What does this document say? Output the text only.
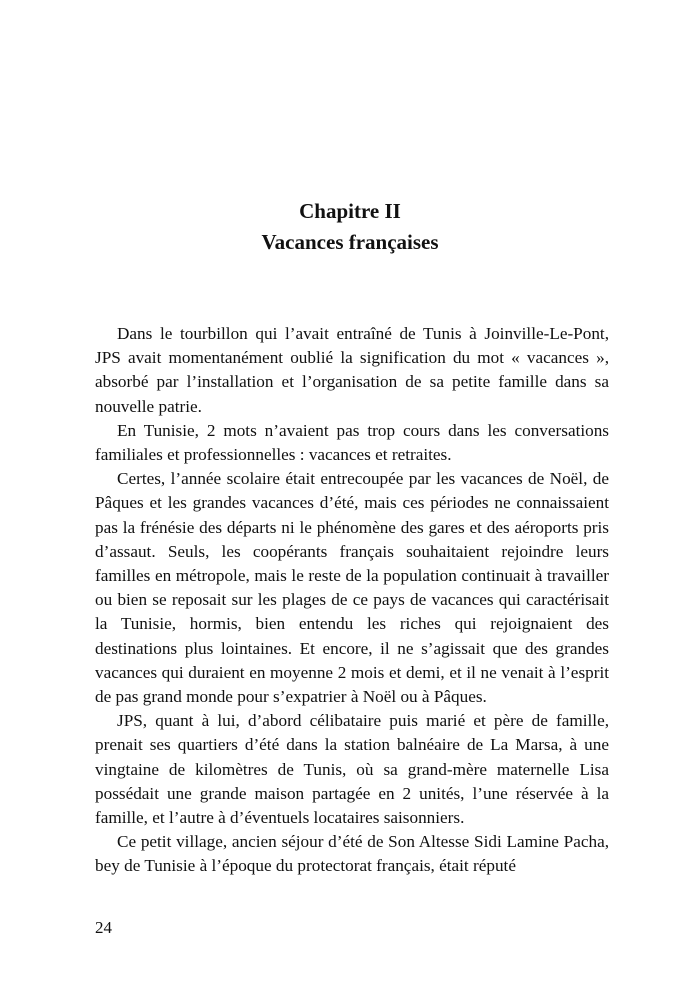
Chapitre II
Vacances françaises

Dans le tourbillon qui l’avait entraîné de Tunis à Joinville-Le-Pont, JPS avait momentanément oublié la signification du mot « vacances », absorbé par l’installation et l’organisation de sa petite famille dans sa nouvelle patrie.

En Tunisie, 2 mots n’avaient pas trop cours dans les conversations familiales et professionnelles : vacances et retraites.

Certes, l’année scolaire était entrecoupée par les vacances de Noël, de Pâques et les grandes vacances d’été, mais ces périodes ne connaissaient pas la frénésie des départs ni le phénomène des gares et des aéroports pris d’assaut. Seuls, les coopérants français souhaitaient rejoindre leurs familles en métropole, mais le reste de la population continuait à travailler ou bien se reposait sur les plages de ce pays de vacances qui caractérisait la Tunisie, hormis, bien entendu les riches qui rejoignaient des destinations plus lointaines. Et encore, il ne s’agissait que des grandes vacances qui duraient en moyenne 2 mois et demi, et il ne venait à l’esprit de pas grand monde pour s’expatrier à Noël ou à Pâques.

JPS, quant à lui, d’abord célibataire puis marié et père de famille, prenait ses quartiers d’été dans la station balnéaire de La Marsa, à une vingtaine de kilomètres de Tunis, où sa grand-mère maternelle Lisa possédait une grande maison partagée en 2 unités, l’une réservée à la famille, et l’autre à d’éventuels locataires saisonniers.

Ce petit village, ancien séjour d’été de Son Altesse Sidi Lamine Pacha, bey de Tunisie à l’époque du protectorat français, était réputé

24
